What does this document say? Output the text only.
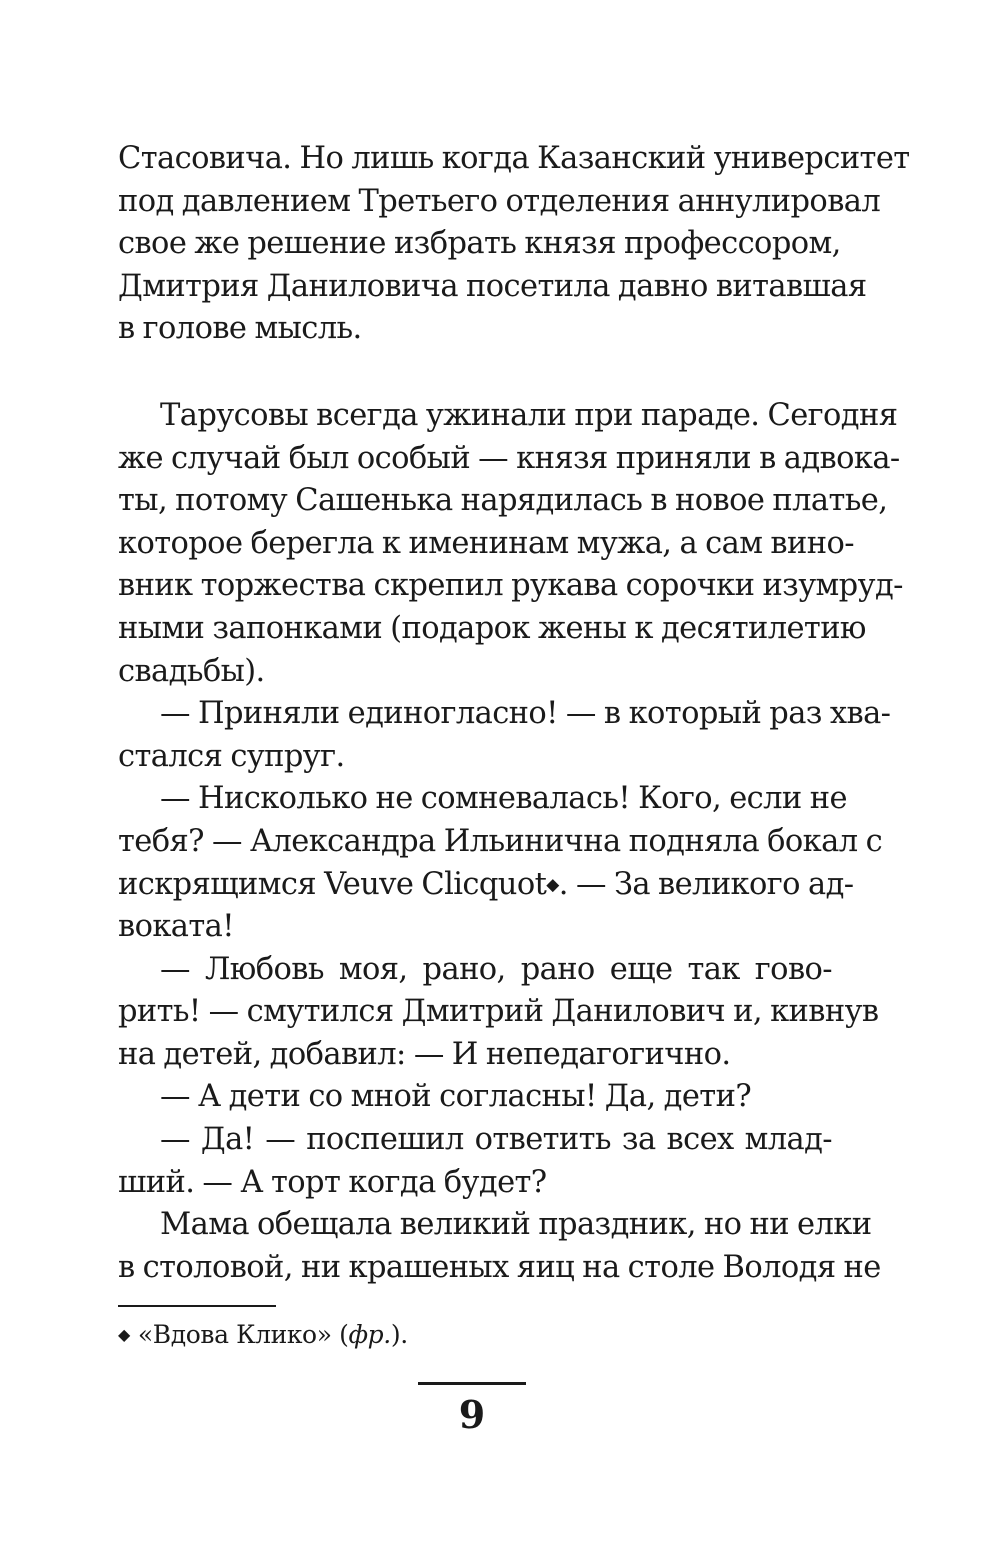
Стасовича. Но лишь когда Казанский университет
под давлением Третьего отделения аннулировал
свое же решение избрать князя профессором,
Дмитрия Даниловича посетила давно витавшая
в голове мысль.
Тарусовы всегда ужинали при параде. Сегодня
же случай был особый — князя приняли в адвока-
ты, потому Сашенька нарядилась в новое платье,
которое берегла к именинам мужа, а сам вино-
вник торжества скрепил рукава сорочки изумруд-
ными запонками (подарок жены к десятилетию
свадьбы).
— Приняли единогласно! — в который раз хва-
стался супруг.
— Нисколько не сомневалась! Кого, если не
тебя? — Александра Ильинична подняла бокал с
искрящимся Veuve Clicquot◆. — За великого ад-
воката!
— Любовь моя, рано, рано еще так гово-
рить! — смутился Дмитрий Данилович и, кивнув
на детей, добавил: — И непедагогично.
— А дети со мной согласны! Да, дети?
— Да! — поспешил ответить за всех млад-
ший. — А торт когда будет?
Мама обещала великий праздник, но ни елки
в столовой, ни крашеных яиц на столе Володя не
◆ «Вдова Клико» (фр.).
9
